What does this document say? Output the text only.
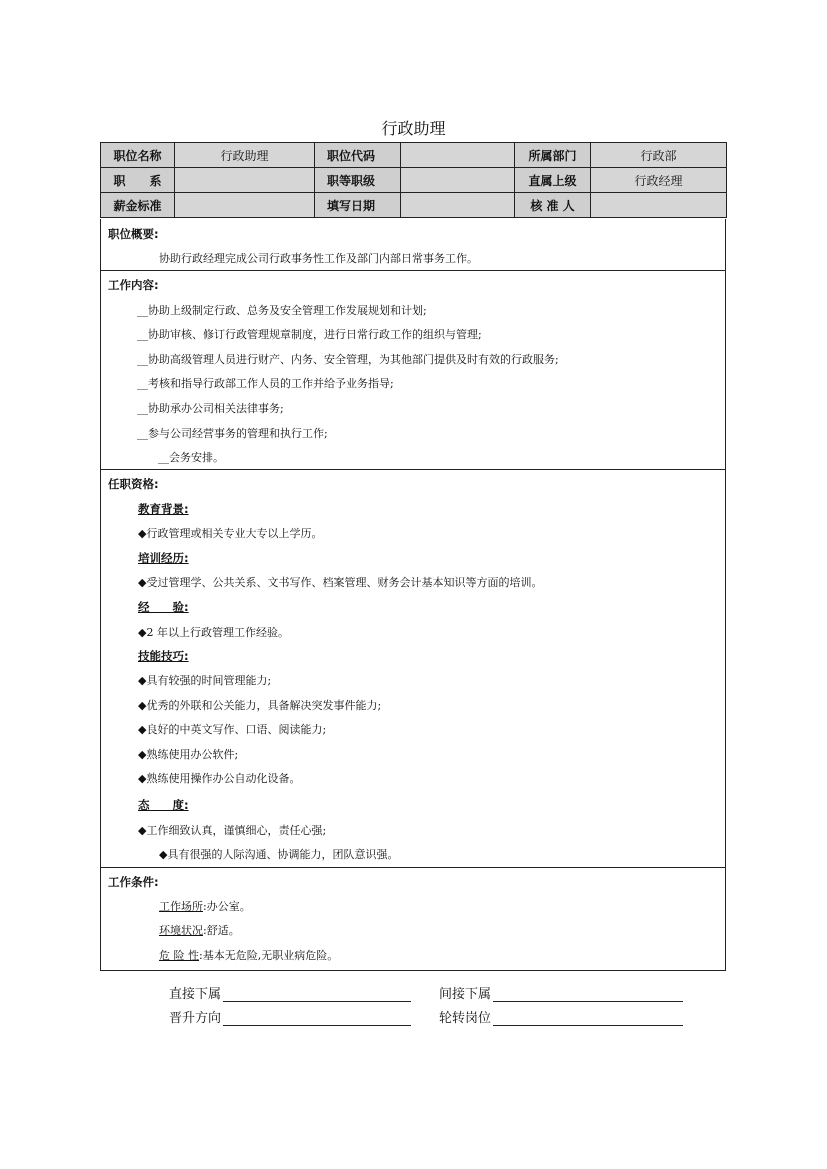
行政助理
职位名称	行政助理	职位代码		所属部门	行政部
职　　系		职等职级		直属上级	行政经理
薪金标准		填写日期		核 准 人	
职位概要:
协助行政经理完成公司行政事务性工作及部门内部日常事务工作。
工作内容:
__协助上级制定行政、总务及安全管理工作发展规划和计划;
__协助审核、修订行政管理规章制度，进行日常行政工作的组织与管理;
__协助高级管理人员进行财产、内务、安全管理，为其他部门提供及时有效的行政服务;
__考核和指导行政部工作人员的工作并给予业务指导;
__协助承办公司相关法律事务;
__参与公司经营事务的管理和执行工作;
__会务安排。
任职资格:
教育背景:
◆行政管理或相关专业大专以上学历。
培训经历:
◆受过管理学、公共关系、文书写作、档案管理、财务会计基本知识等方面的培训。
经　　验:
◆2 年以上行政管理工作经验。
技能技巧:
◆具有较强的时间管理能力;
◆优秀的外联和公关能力，具备解决突发事件能力;
◆良好的中英文写作、口语、阅读能力;
◆熟练使用办公软件;
◆熟练使用操作办公自动化设备。
态　　度:
◆工作细致认真，谨慎细心，责任心强;
◆具有很强的人际沟通、协调能力，团队意识强。
工作条件:
工作场所:办公室。
环境状况:舒适。
危 险 性:基本无危险,无职业病危险。
直接下属	间接下属
晋升方向	轮转岗位
